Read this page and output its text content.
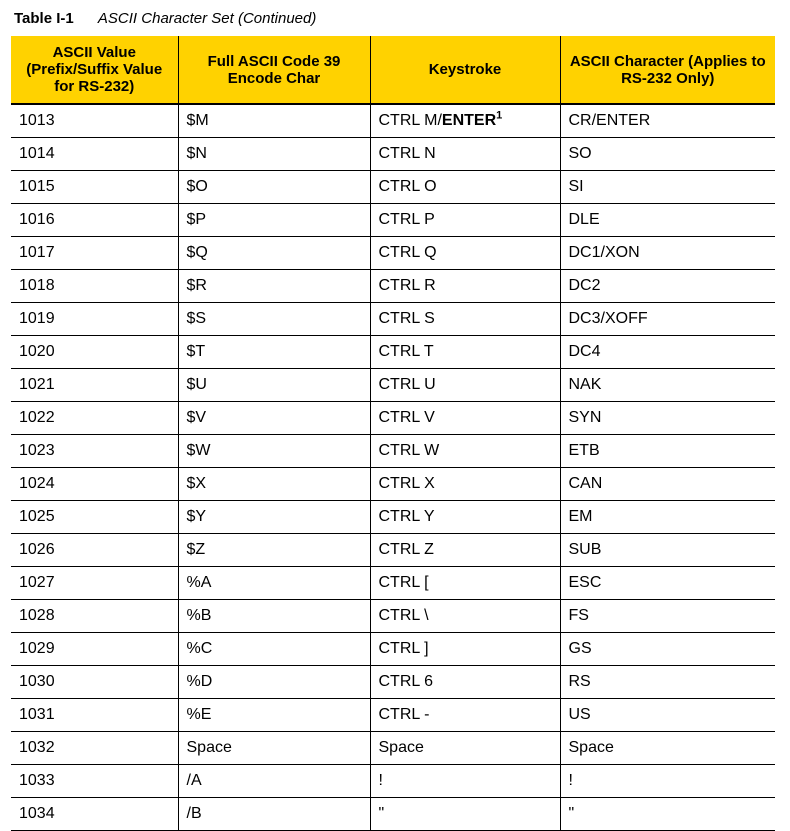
Table I-1 ASCII Character Set (Continued)
ASCII Value (Prefix/Suffix Value for RS-232)	Full ASCII Code 39 Encode Char	Keystroke	ASCII Character (Applies to RS-232 Only)
1013	$M	CTRL M/ENTER$^1$	CR/ENTER
1014	$N	CTRL N	SO
1015	$O	CTRL O	SI
1016	$P	CTRL P	DLE
1017	$Q	CTRL Q	DC1/XON
1018	$R	CTRL R	DC2
1019	$S	CTRL S	DC3/XOFF
1020	$T	CTRL T	DC4
1021	$U	CTRL U	NAK
1022	$V	CTRL V	SYN
1023	$W	CTRL W	ETB
1024	$X	CTRL X	CAN
1025	$Y	CTRL Y	EM
1026	$Z	CTRL Z	SUB
1027	%A	CTRL [	ESC
1028	%B	CTRL \	FS
1029	%C	CTRL ]	GS
1030	%D	CTRL 6	RS
1031	%E	CTRL -	US
1032	Space	Space	Space
1033	/A	!	!
1034	/B	"	"
